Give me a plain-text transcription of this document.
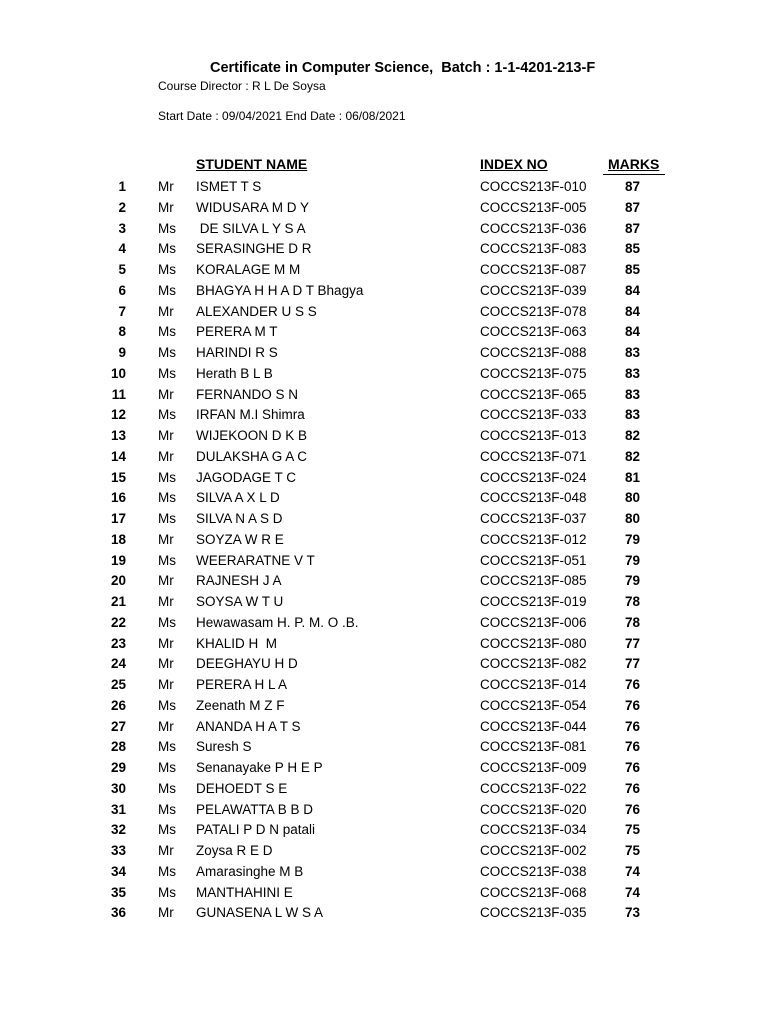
Certificate in Computer Science,  Batch : 1-1-4201-213-F
Course Director : R L De Soysa
Start Date : 09/04/2021 End Date : 06/08/2021
STUDENT NAME	INDEX NO	MARKS
1 Mr ISMET T S	COCCS213F-010	87
2 Mr WIDUSARA M D Y	COCCS213F-005	87
3 Ms DE SILVA L Y S A	COCCS213F-036	87
4 Ms SERASINGHE D R	COCCS213F-083	85
5 Ms KORALAGE M M	COCCS213F-087	85
6 Ms BHAGYA H H A D T Bhagya	COCCS213F-039	84
7 Mr ALEXANDER U S S	COCCS213F-078	84
8 Ms PERERA M T	COCCS213F-063	84
9 Ms HARINDI R S	COCCS213F-088	83
10 Ms Herath B L B	COCCS213F-075	83
11 Mr FERNANDO S N	COCCS213F-065	83
12 Ms IRFAN M.I Shimra	COCCS213F-033	83
13 Mr WIJEKOON D K B	COCCS213F-013	82
14 Mr DULAKSHA G A C	COCCS213F-071	82
15 Ms JAGODAGE T C	COCCS213F-024	81
16 Ms SILVA A X L D	COCCS213F-048	80
17 Ms SILVA N A S D	COCCS213F-037	80
18 Mr SOYZA W R E	COCCS213F-012	79
19 Ms WEERARATNE V T	COCCS213F-051	79
20 Mr RAJNESH J A	COCCS213F-085	79
21 Mr SOYSA W T U	COCCS213F-019	78
22 Ms Hewawasam H. P. M. O .B.	COCCS213F-006	78
23 Mr KHALID H  M	COCCS213F-080	77
24 Mr DEEGHAYU H D	COCCS213F-082	77
25 Mr PERERA H L A	COCCS213F-014	76
26 Ms Zeenath M Z F	COCCS213F-054	76
27 Mr ANANDA H A T S	COCCS213F-044	76
28 Ms Suresh S	COCCS213F-081	76
29 Ms Senanayake P H E P	COCCS213F-009	76
30 Ms DEHOEDT S E	COCCS213F-022	76
31 Ms PELAWATTA B B D	COCCS213F-020	76
32 Ms PATALI P D N patali	COCCS213F-034	75
33 Mr Zoysa R E D	COCCS213F-002	75
34 Ms Amarasinghe M B	COCCS213F-038	74
35 Ms MANTHAHINI E	COCCS213F-068	74
36 Mr GUNASENA L W S A	COCCS213F-035	73
